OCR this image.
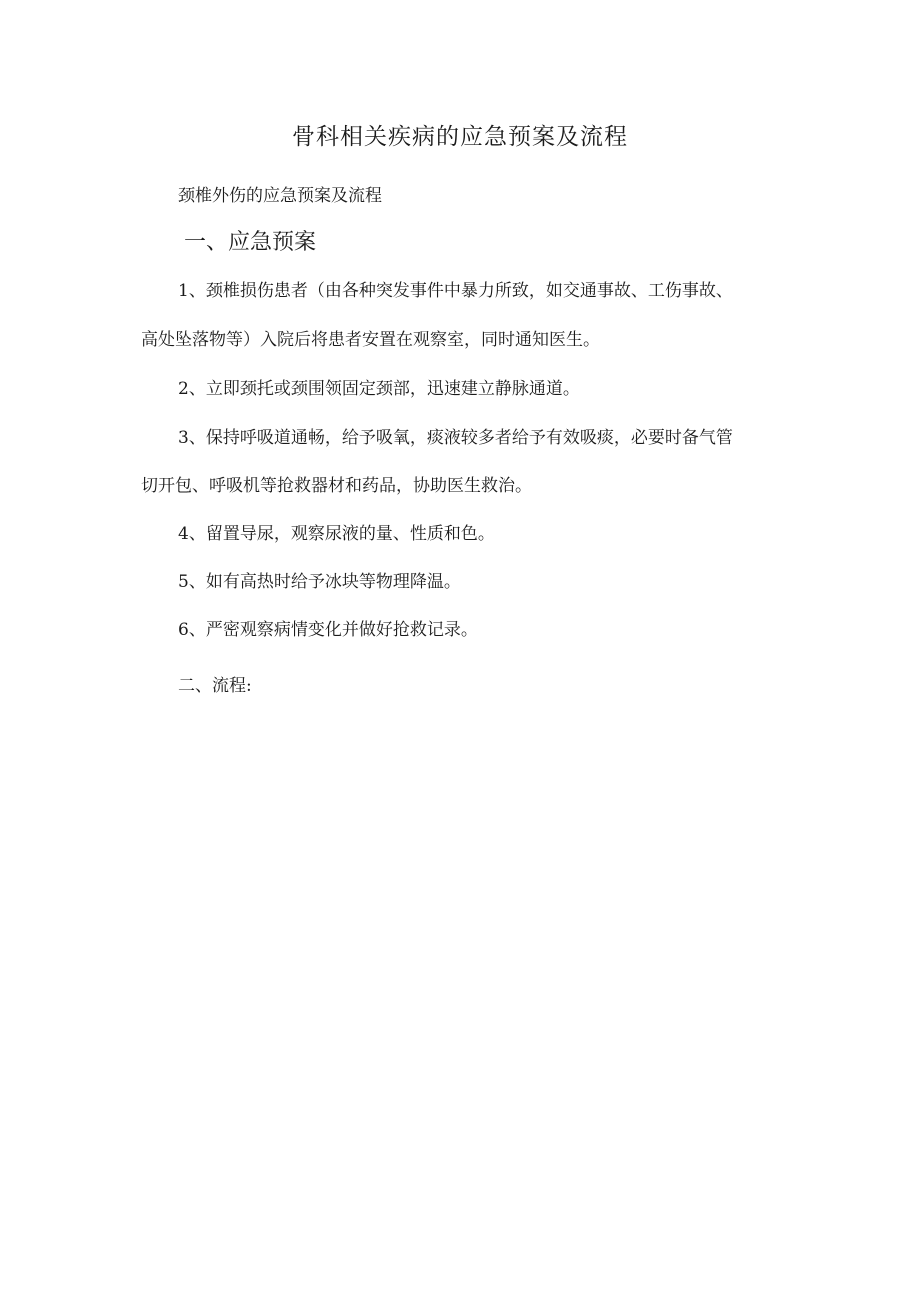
骨科相关疾病的应急预案及流程
颈椎外伤的应急预案及流程
一、应急预案
1、颈椎损伤患者（由各种突发事件中暴力所致，如交通事故、工伤事故、
高处坠落物等）入院后将患者安置在观察室，同时通知医生。
2、立即颈托或颈围领固定颈部，迅速建立静脉通道。
3、保持呼吸道通畅，给予吸氧，痰液较多者给予有效吸痰，必要时备气管
切开包、呼吸机等抢救器材和药品，协助医生救治。
4、留置导尿，观察尿液的量、性质和色。
5、如有高热时给予冰块等物理降温。
6、严密观察病情变化并做好抢救记录。
二、流程:
